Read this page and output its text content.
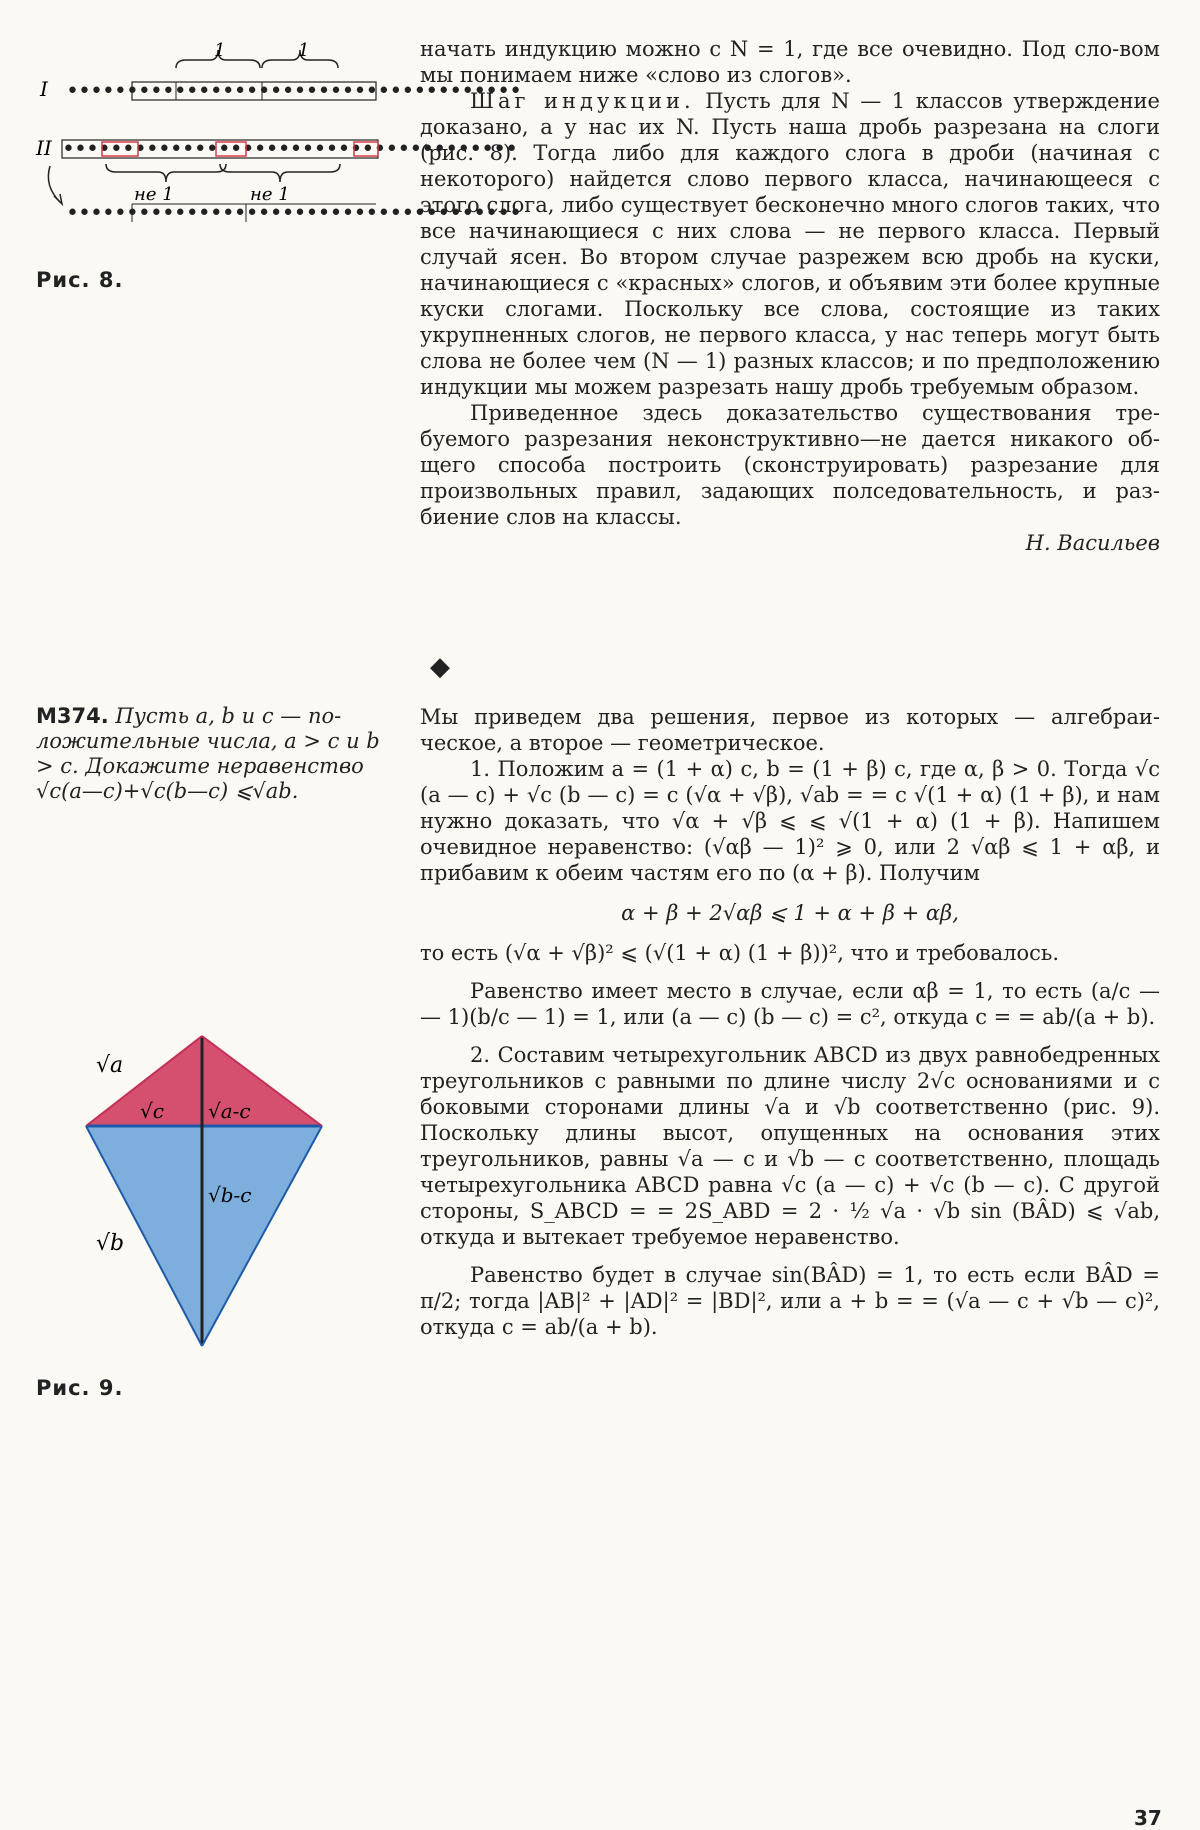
1	1
I
II
••••••••••••••••••••••••••••••••••••••
••••••••••••••••••••••••••••••••••••••
не 1	не 1
••••••••••••••••••••••••••••••••••••••
Рис. 8.

начать индукцию можно с N = 1, где все очевидно. Под сло-вом мы понимаем ниже «слово из слогов».

Шаг индукции. Пусть для N — 1 классов утверждение доказано, а у нас их N. Пусть наша дробь разрезана на слоги (рис. 8). Тогда либо для каждого слога в дроби (начиная с некоторого) найдется слово первого класса, начинающееся с этого слога, либо существует бесконечно много слогов таких, что все начинающиеся с них слова — не первого класса. Первый случай ясен. Во втором случае разрежем всю дробь на куски, начинающиеся с «красных» слогов, и объявим эти более крупные куски слогами. Поскольку все слова, состоящие из таких укрупненных слогов, не первого класса, у нас теперь могут быть слова не более чем (N — 1) разных классов; и по предположению индукции мы можем разрезать нашу дробь требуемым образом.

Приведенное здесь доказательство существования требуемого разрезания неконструктивно—не дается никакого общего способа построить (сконструировать) разрезание для произвольных правил, задающих полседовательность, и разбиение слов на классы.

Н. Васильев

◆
M374. Пусть a, b и c — положительные числа, a > c и b > c. Докажите неравенство
√c(a—c)+√c(b—c) ⩽√ab.
√a
√c √a-c
√b-c
√b
Рис. 9.

Мы приведем два решения, первое из которых — алгебраическое, а второе — геометрическое.

1. Положим a = (1 + α) c, b = (1 + β) c, где α, β > 0. Тогда √c (a — c) + √c (b — c) = c (√α + √β), √ab = = c √(1 + α) (1 + β), и нам нужно доказать, что √α + √β ⩽ ⩽ √(1 + α) (1 + β). Напишем очевидное неравенство: (√αβ — 1)² ⩾ 0, или 2 √αβ ⩽ 1 + αβ, и прибавим к обеим частям его по (α + β). Получим

α + β + 2√αβ ⩽ 1 + α + β + αβ,

то есть (√α + √β)² ⩽ (√(1 + α) (1 + β))², что и требовалось.

Равенство имеет место в случае, если αβ = 1, то есть (a/c — — 1)(b/c — 1) = 1, или (a — c) (b — c) = c², откуда c = = ab/(a + b).

2. Составим четырехугольник ABCD из двух равнобедренных треугольников с равными по длине числу 2√c основаниями и с боковыми сторонами длины √a и √b соответственно (рис. 9). Поскольку длины высот, опущенных на основания этих треугольников, равны √a — c и √b — c соответственно, площадь четырехугольника ABCD равна √c (a — c) + √c (b — c). С другой стороны, S_ABCD = = 2S_ABD = 2 · ½ √a · √b sin (BÂD) ⩽ √ab, откуда и вытекает требуемое неравенство.

Равенство будет в случае sin(BÂD) = 1, то есть если BÂD = π/2; тогда |AB|² + |AD|² = |BD|², или a + b = = (√a — c + √b — c)², откуда c = ab/(a + b).

37
